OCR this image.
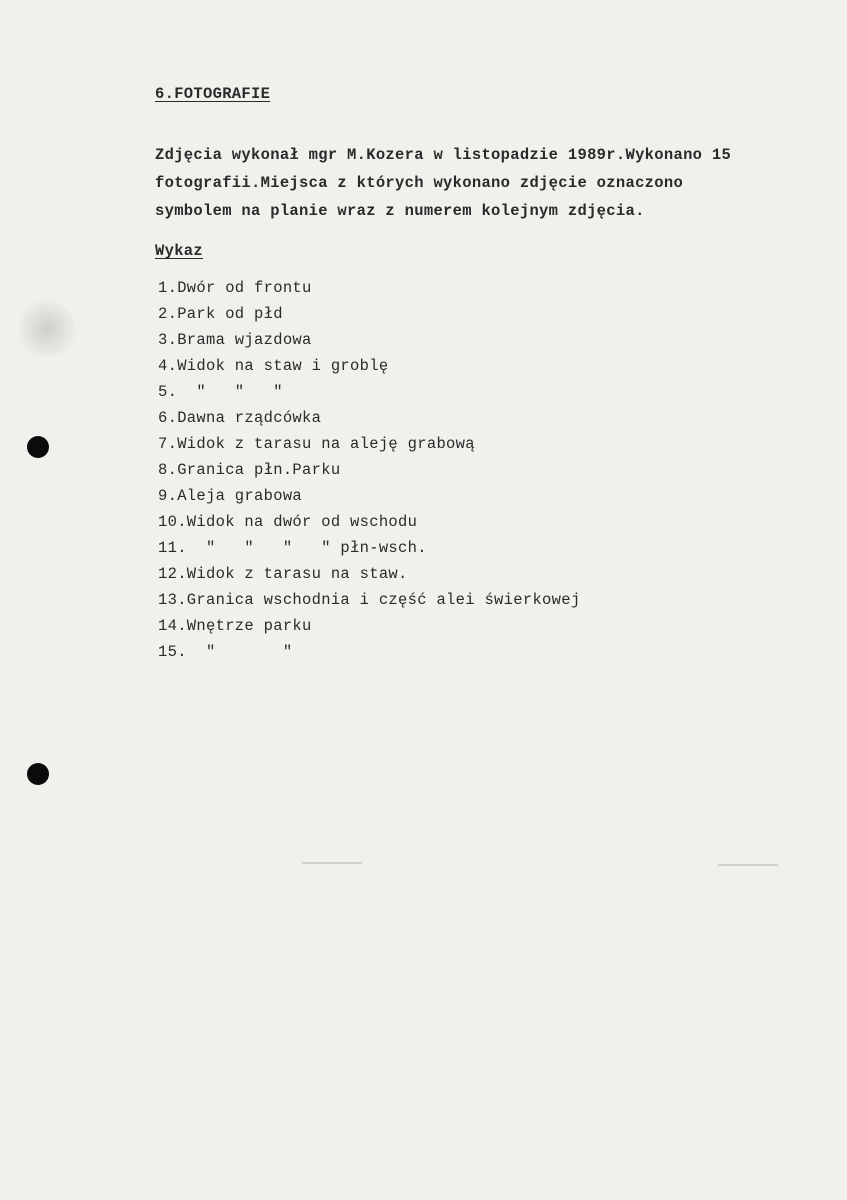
6.FOTOGRAFIE
Zdjęcia wykonał mgr M.Kozera w listopadzie 1989r.Wykonano 15
fotografii.Miejsca z których wykonano zdjęcie oznaczono
symbolem na planie wraz z numerem kolejnym zdjęcia.
Wykaz
1.Dwór od frontu
2.Park od płd
3.Brama wjazdowa
4.Widok na staw i groblę
5.  "   "   "
6.Dawna rządcówka
7.Widok z tarasu na aleję grabową
8.Granica płn.Parku
9.Aleja grabowa
10.Widok na dwór od wschodu
11.  "   "   "   " płn-wsch.
12.Widok z tarasu na staw.
13.Granica wschodnia i część alei świerkowej
14.Wnętrze parku
15.  "       "
